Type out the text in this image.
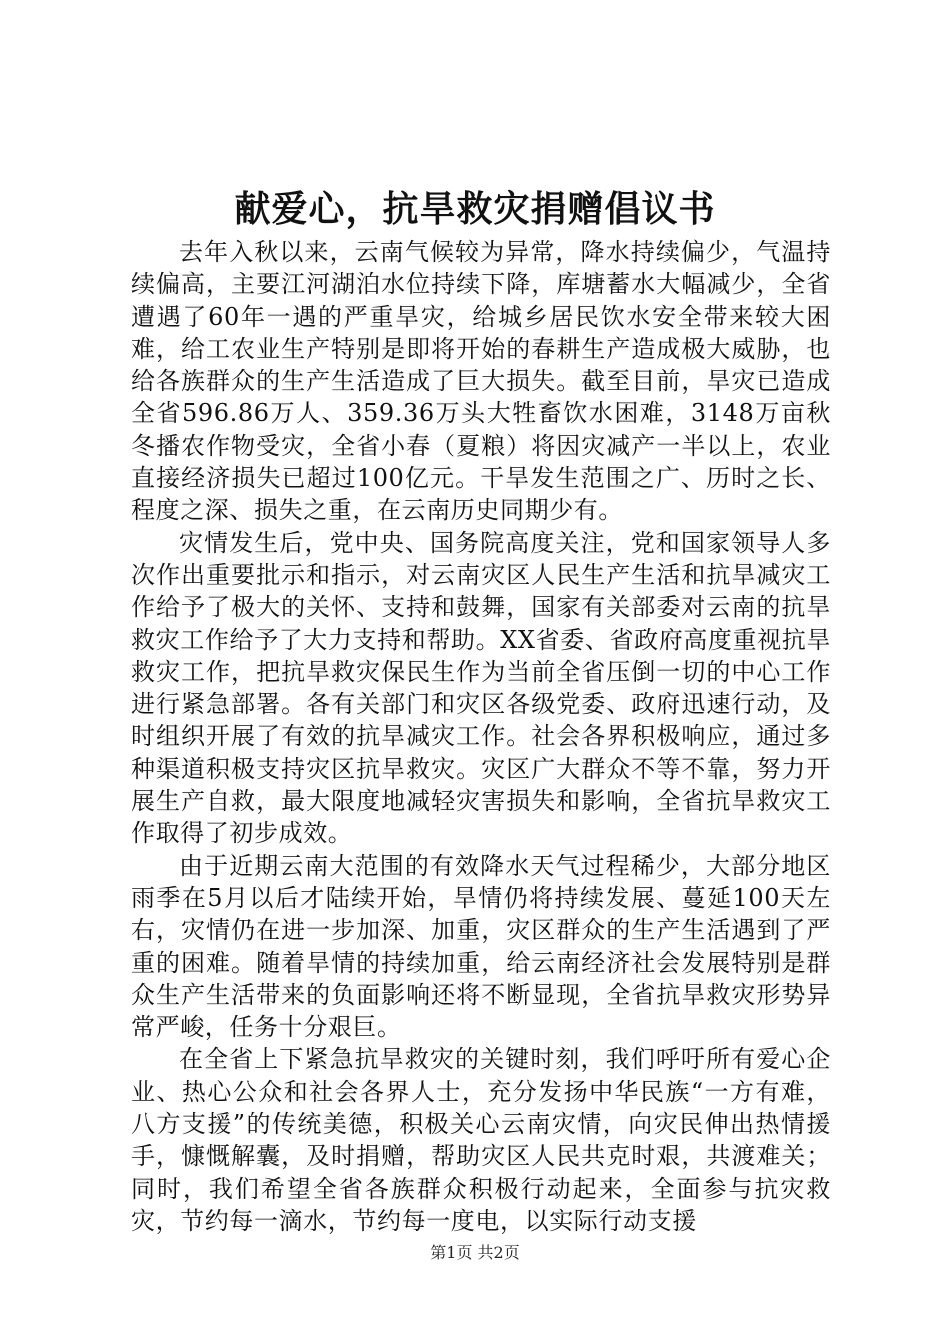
献爱心，抗旱救灾捐赠倡议书

去年入秋以来，云南气候较为异常，降水持续偏少，气温持续偏高，主要江河湖泊水位持续下降，库塘蓄水大幅减少，全省遭遇了60年一遇的严重旱灾，给城乡居民饮水安全带来较大困难，给工农业生产特别是即将开始的春耕生产造成极大威胁，也给各族群众的生产生活造成了巨大损失。截至目前，旱灾已造成全省596.86万人、359.36万头大牲畜饮水困难，3148万亩秋冬播农作物受灾，全省小春（夏粮）将因灾减产一半以上，农业直接经济损失已超过100亿元。干旱发生范围之广、历时之长、程度之深、损失之重，在云南历史同期少有。

灾情发生后，党中央、国务院高度关注，党和国家领导人多次作出重要批示和指示，对云南灾区人民生产生活和抗旱减灾工作给予了极大的关怀、支持和鼓舞，国家有关部委对云南的抗旱救灾工作给予了大力支持和帮助。XX省委、省政府高度重视抗旱救灾工作，把抗旱救灾保民生作为当前全省压倒一切的中心工作进行紧急部署。各有关部门和灾区各级党委、政府迅速行动，及时组织开展了有效的抗旱减灾工作。社会各界积极响应，通过多种渠道积极支持灾区抗旱救灾。灾区广大群众不等不靠，努力开展生产自救，最大限度地减轻灾害损失和影响，全省抗旱救灾工作取得了初步成效。

由于近期云南大范围的有效降水天气过程稀少，大部分地区雨季在5月以后才陆续开始，旱情仍将持续发展、蔓延100天左右，灾情仍在进一步加深、加重，灾区群众的生产生活遇到了严重的困难。随着旱情的持续加重，给云南经济社会发展特别是群众生产生活带来的负面影响还将不断显现，全省抗旱救灾形势异常严峻，任务十分艰巨。

在全省上下紧急抗旱救灾的关键时刻，我们呼吁所有爱心企业、热心公众和社会各界人士，充分发扬中华民族“一方有难，八方支援”的传统美德，积极关心云南灾情，向灾民伸出热情援手，慷慨解囊，及时捐赠，帮助灾区人民共克时艰，共渡难关；同时，我们希望全省各族群众积极行动起来，全面参与抗灾救灾，节约每一滴水，节约每一度电，以实际行动支援

第1页 共2页
